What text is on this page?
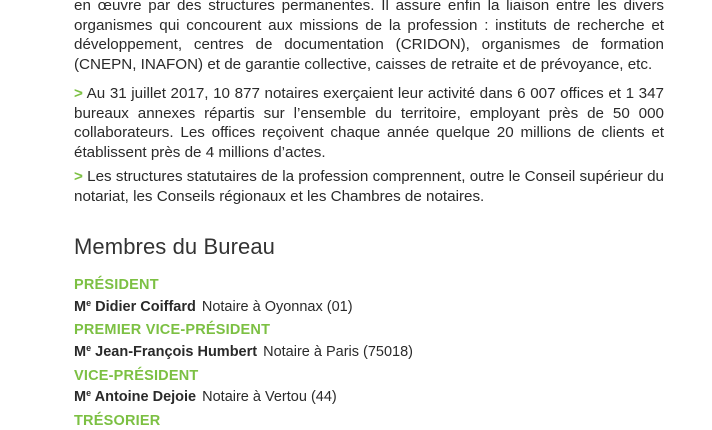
en œuvre par des structures permanentes. Il assure enfin la liaison entre les divers organismes qui concourent aux missions de la profession : instituts de recherche et développement, centres de documentation (CRIDON), organismes de formation (CNEPN, INAFON) et de garantie collective, caisses de retraite et de prévoyance, etc.

> Au 31 juillet 2017, 10 877 notaires exerçaient leur activité dans 6 007 offices et 1 347 bureaux annexes répartis sur l’ensemble du territoire, employant près de 50 000 collaborateurs. Les offices reçoivent chaque année quelque 20 millions de clients et établissent près de 4 millions d’actes.

> Les structures statutaires de la profession comprennent, outre le Conseil supérieur du notariat, les Conseils régionaux et les Chambres de notaires.

Membres du Bureau
PRÉSIDENT
Me Didier Coiffard Notaire à Oyonnax (01)
PREMIER VICE-PRÉSIDENT
Me Jean-François Humbert Notaire à Paris (75018)
VICE-PRÉSIDENT
Me Antoine Dejoie Notaire à Vertou (44)
TRÉSORIER
